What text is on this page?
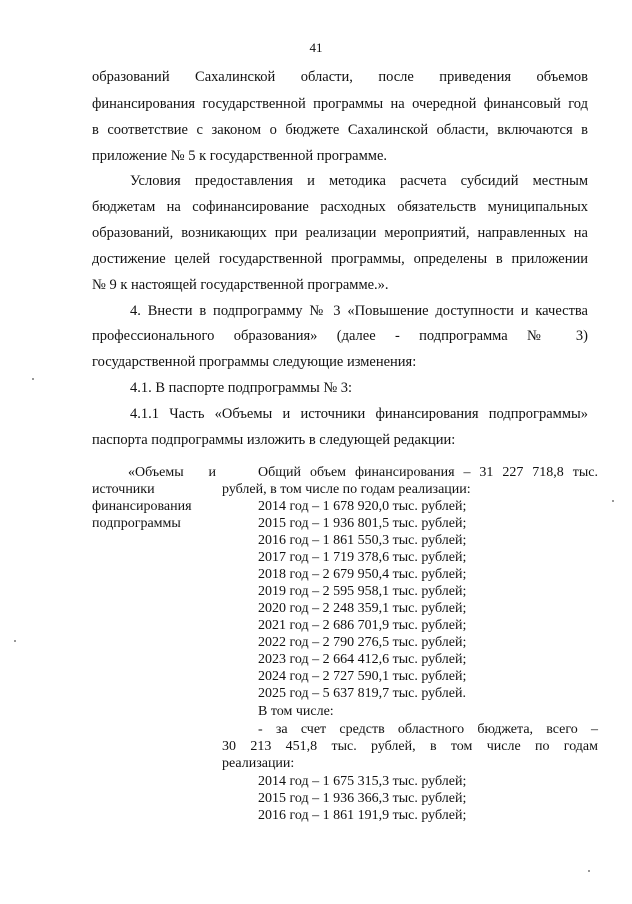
41
образований Сахалинской области, после приведения объемов
финансирования государственной программы на очередной финансовый год
в соответствие с законом о бюджете Сахалинской области, включаются в
приложение № 5 к государственной программе.
Условия предоставления и методика расчета субсидий местным
бюджетам на софинансирование расходных обязательств муниципальных
образований, возникающих при реализации мероприятий, направленных на
достижение целей государственной программы, определены в приложении
№ 9 к настоящей государственной программе.».
4. Внести в подпрограмму № 3 «Повышение доступности и качества
профессионального образования» (далее - подпрограмма № 3)
государственной программы следующие изменения:
4.1. В паспорте подпрограммы № 3:
4.1.1 Часть «Объемы и источники финансирования подпрограммы»
паспорта подпрограммы изложить в следующей редакции:
«Объемы и
источники
финансирования
подпрограммы
Общий объем финансирования – 31 227 718,8 тыс.
рублей, в том числе по годам реализации:
2014 год – 1 678 920,0 тыс. рублей;
2015 год – 1 936 801,5 тыс. рублей;
2016 год – 1 861 550,3 тыс. рублей;
2017 год – 1 719 378,6 тыс. рублей;
2018 год – 2 679 950,4 тыс. рублей;
2019 год – 2 595 958,1 тыс. рублей;
2020 год – 2 248 359,1 тыс. рублей;
2021 год – 2 686 701,9 тыс. рублей;
2022 год – 2 790 276,5 тыс. рублей;
2023 год – 2 664 412,6 тыс. рублей;
2024 год – 2 727 590,1 тыс. рублей;
2025 год – 5 637 819,7 тыс. рублей.
В том числе:
- за счет средств областного бюджета, всего –
30 213 451,8 тыс. рублей, в том числе по годам
реализации:
2014 год – 1 675 315,3 тыс. рублей;
2015 год – 1 936 366,3 тыс. рублей;
2016 год – 1 861 191,9 тыс. рублей;
